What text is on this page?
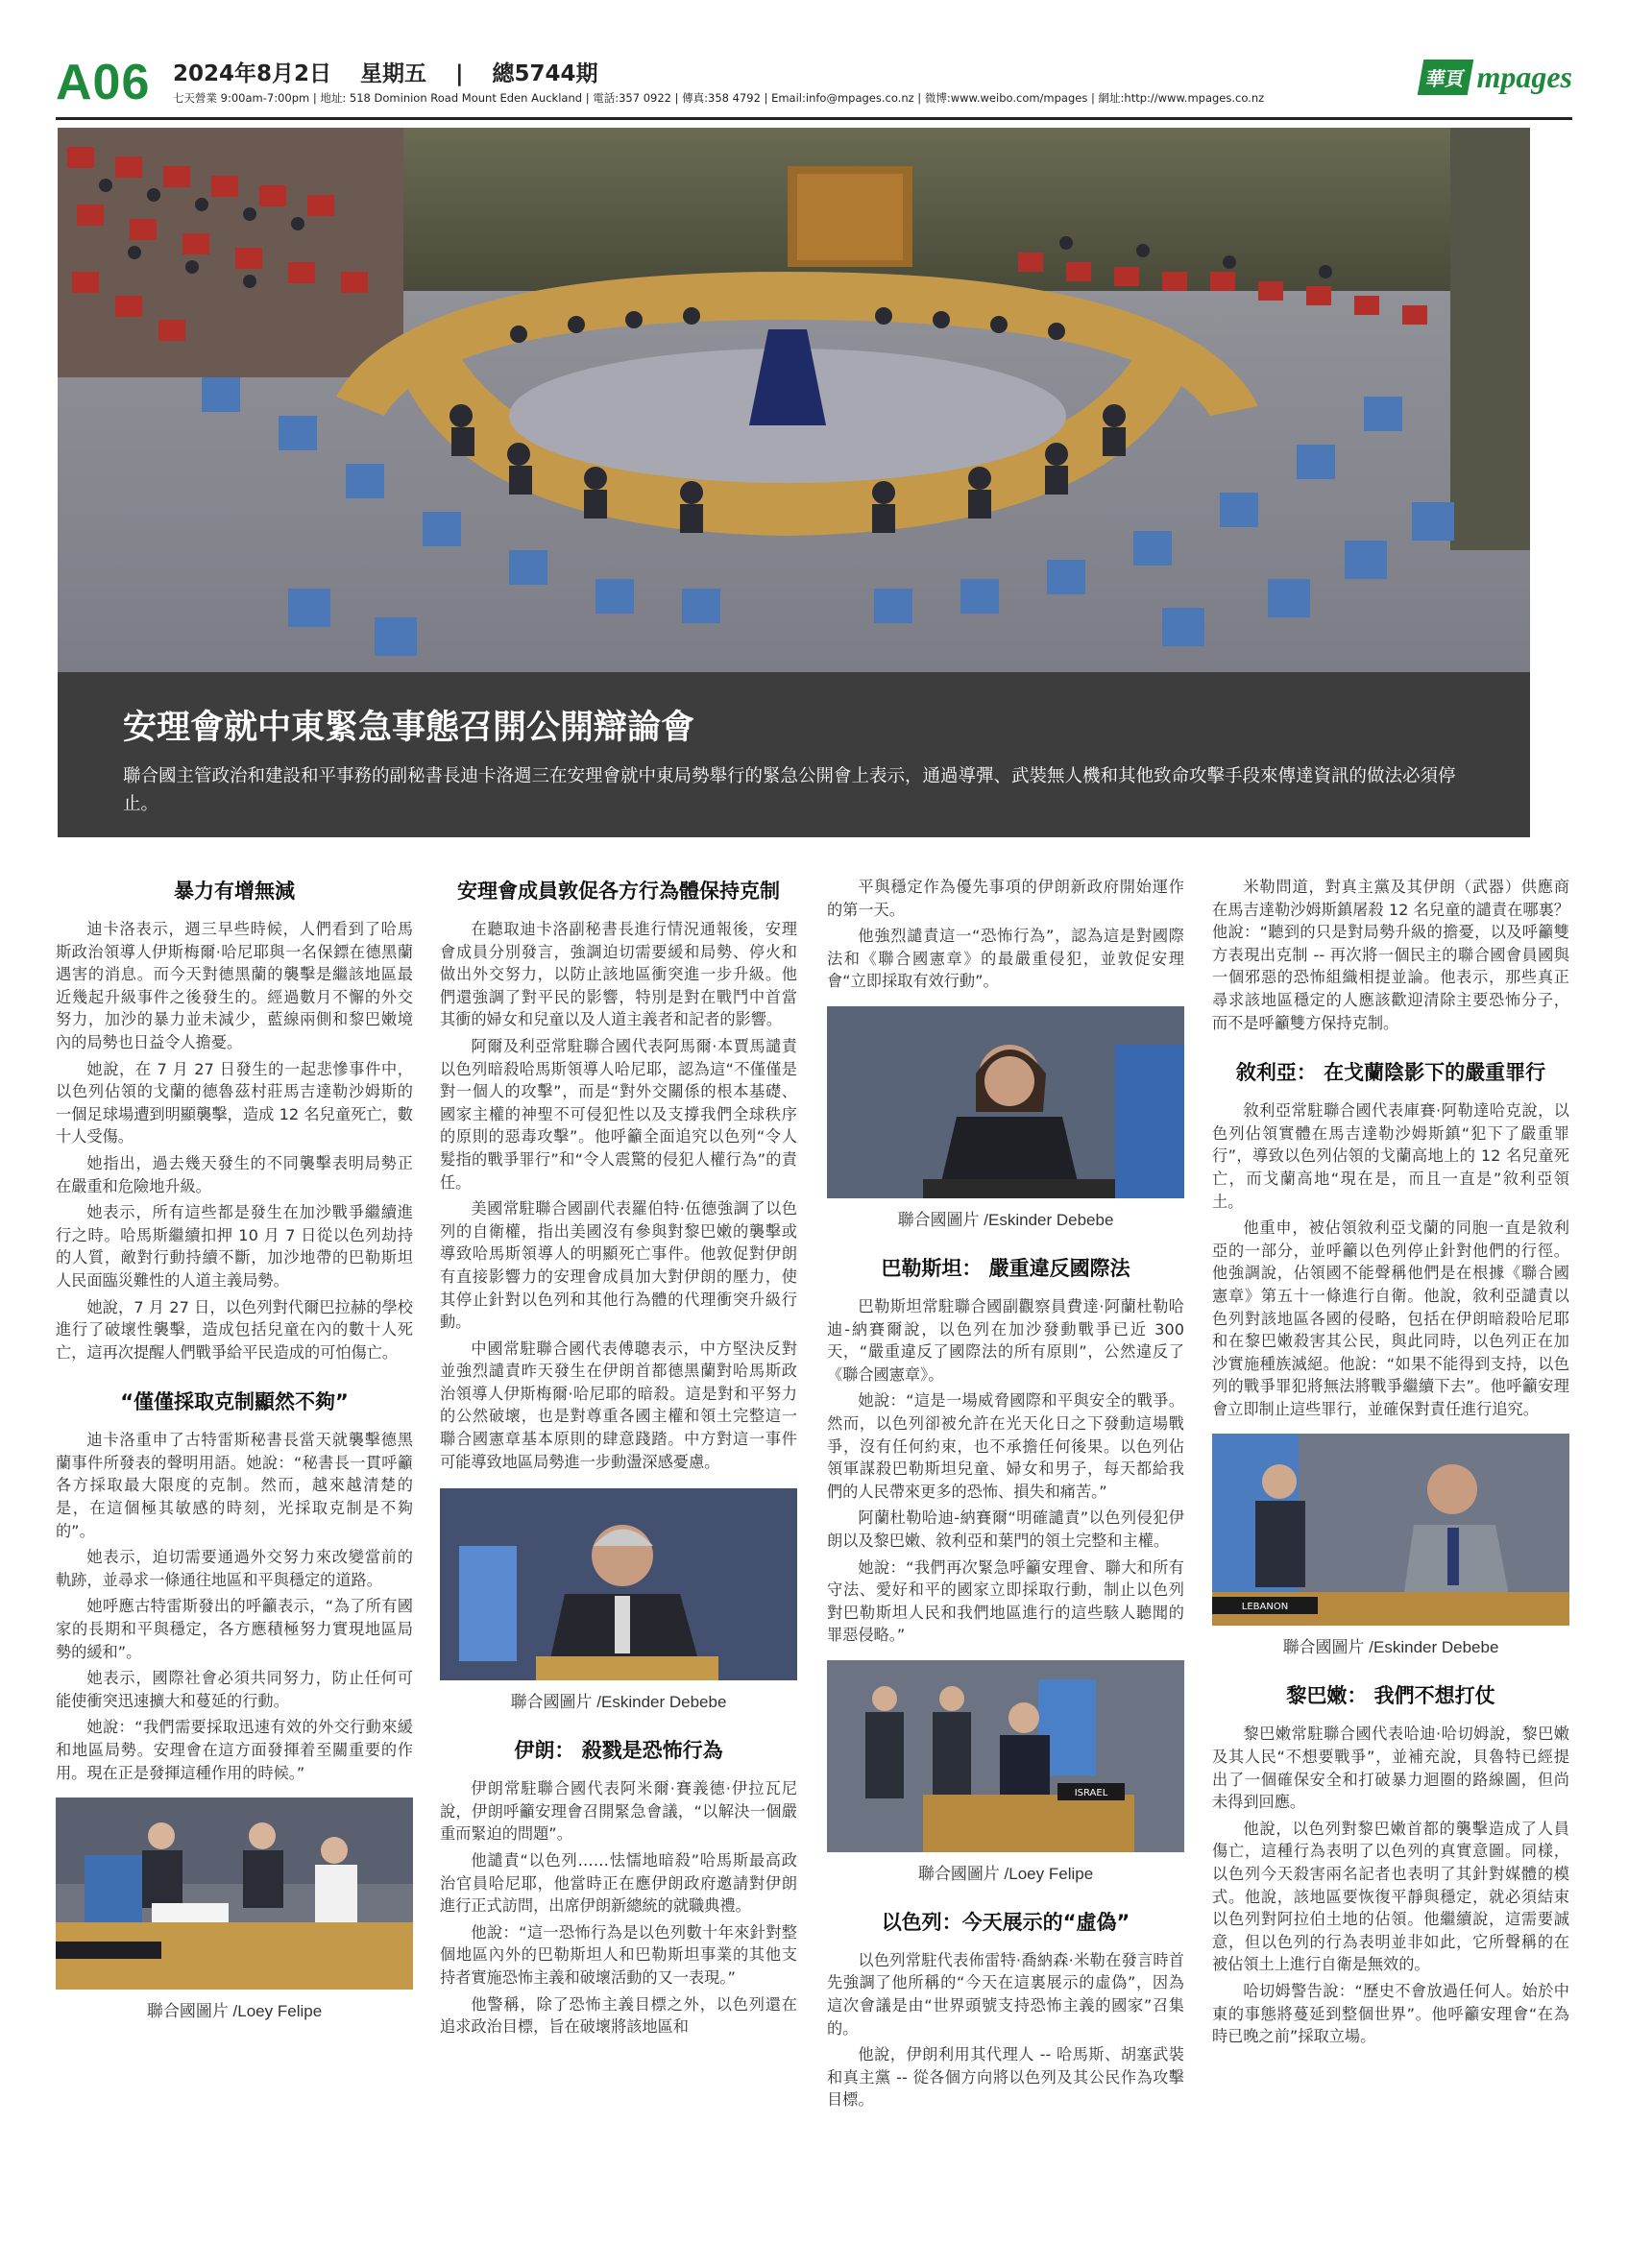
A06 2024年8月2日 星期五 | 總5744期
七天營業 9:00am-7:00pm | 地址: 518 Dominion Road Mount Eden Auckland | 電話:357 0922 | 傳真:358 4792 | Email:info@mpages.co.nz | 微博:www.weibo.com/mpages | 網址:http://www.mpages.co.nz
華頁 mpages
安理會就中東緊急事態召開公開辯論會
聯合國主管政治和建設和平事務的副秘書長迪卡洛週三在安理會就中東局勢舉行的緊急公開會上表示，通過導彈、武裝無人機和其他致命攻擊手段來傳達資訊的做法必須停止。
暴力有增無減

迪卡洛表示，週三早些時候，人們看到了哈馬斯政治領導人伊斯梅爾·哈尼耶與一名保鏢在德黑蘭遇害的消息。而今天對德黑蘭的襲擊是繼該地區最近幾起升級事件之後發生的。經過數月不懈的外交努力，加沙的暴力並未減少，藍線兩側和黎巴嫩境內的局勢也日益令人擔憂。

她說，在 7 月 27 日發生的一起悲慘事件中，以色列佔領的戈蘭的德魯茲村莊馬吉達勒沙姆斯的一個足球場遭到明顯襲擊，造成 12 名兒童死亡，數十人受傷。

她指出，過去幾天發生的不同襲擊表明局勢正在嚴重和危險地升級。

她表示，所有這些都是發生在加沙戰爭繼續進行之時。哈馬斯繼續扣押 10 月 7 日從以色列劫持的人質，敵對行動持續不斷，加沙地帶的巴勒斯坦人民面臨災難性的人道主義局勢。

她說，7 月 27 日，以色列對代爾巴拉赫的學校進行了破壞性襲擊，造成包括兒童在內的數十人死亡，這再次提醒人們戰爭給平民造成的可怕傷亡。

“僅僅採取克制顯然不夠”

迪卡洛重申了古特雷斯秘書長當天就襲擊德黑蘭事件所發表的聲明用語。她說：“秘書長一貫呼籲各方採取最大限度的克制。然而，越來越清楚的是，在這個極其敏感的時刻，光採取克制是不夠的”。

她表示，迫切需要通過外交努力來改變當前的軌跡，並尋求一條通往地區和平與穩定的道路。

她呼應古特雷斯發出的呼籲表示，“為了所有國家的長期和平與穩定，各方應積極努力實現地區局勢的緩和”。

她表示，國際社會必須共同努力，防止任何可能使衝突迅速擴大和蔓延的行動。

她說：“我們需要採取迅速有效的外交行動來緩和地區局勢。安理會在這方面發揮着至關重要的作用。現在正是發揮這種作用的時候。”

聯合國圖片 /Loey Felipe
安理會成員敦促各方行為體保持克制

在聽取迪卡洛副秘書長進行情況通報後，安理會成員分別發言，強調迫切需要緩和局勢、停火和做出外交努力，以防止該地區衝突進一步升級。他們還強調了對平民的影響，特別是對在戰鬥中首當其衝的婦女和兒童以及人道主義者和記者的影響。

阿爾及利亞常駐聯合國代表阿馬爾·本賈馬譴責以色列暗殺哈馬斯領導人哈尼耶，認為這“不僅僅是對一個人的攻擊”，而是“對外交關係的根本基礎、國家主權的神聖不可侵犯性以及支撐我們全球秩序的原則的惡毒攻擊”。他呼籲全面追究以色列“令人髮指的戰爭罪行”和“令人震驚的侵犯人權行為”的責任。

美國常駐聯合國副代表羅伯特·伍德強調了以色列的自衛權，指出美國沒有參與對黎巴嫩的襲擊或導致哈馬斯領導人的明顯死亡事件。他敦促對伊朗有直接影響力的安理會成員加大對伊朗的壓力，使其停止針對以色列和其他行為體的代理衝突升級行動。

中國常駐聯合國代表傅聰表示，中方堅決反對並強烈譴責昨天發生在伊朗首都德黑蘭對哈馬斯政治領導人伊斯梅爾·哈尼耶的暗殺。這是對和平努力的公然破壞，也是對尊重各國主權和領土完整這一聯合國憲章基本原則的肆意踐踏。中方對這一事件可能導致地區局勢進一步動盪深感憂慮。

聯合國圖片 /Eskinder Debebe
伊朗： 殺戮是恐怖行為

伊朗常駐聯合國代表阿米爾·賽義德·伊拉瓦尼說，伊朗呼籲安理會召開緊急會議，“以解決一個嚴重而緊迫的問題”。

他譴責“以色列……怯懦地暗殺”哈馬斯最高政治官員哈尼耶，他當時正在應伊朗政府邀請對伊朗進行正式訪問，出席伊朗新總統的就職典禮。

他說：“這一恐怖行為是以色列數十年來針對整個地區內外的巴勒斯坦人和巴勒斯坦事業的其他支持者實施恐怖主義和破壞活動的又一表現。”

他警稱，除了恐怖主義目標之外，以色列還在追求政治目標，旨在破壞將該地區和

平與穩定作為優先事項的伊朗新政府開始運作的第一天。

他強烈譴責這一“恐怖行為”，認為這是對國際法和《聯合國憲章》的最嚴重侵犯，並敦促安理會“立即採取有效行動”。

聯合國圖片 /Eskinder Debebe
巴勒斯坦： 嚴重違反國際法

巴勒斯坦常駐聯合國副觀察員費達·阿蘭杜勒哈迪-納賽爾說，以色列在加沙發動戰爭已近 300 天，“嚴重違反了國際法的所有原則”，公然違反了《聯合國憲章》。

她說：“這是一場威脅國際和平與安全的戰爭。然而，以色列卻被允許在光天化日之下發動這場戰爭，沒有任何約束，也不承擔任何後果。以色列佔領軍謀殺巴勒斯坦兒童、婦女和男子，每天都給我們的人民帶來更多的恐怖、損失和痛苦。”

阿蘭杜勒哈迪-納賽爾“明確譴責”以色列侵犯伊朗以及黎巴嫩、敘利亞和葉門的領土完整和主權。

她說：“我們再次緊急呼籲安理會、聯大和所有守法、愛好和平的國家立即採取行動，制止以色列對巴勒斯坦人民和我們地區進行的這些駭人聽聞的罪惡侵略。”

ISRAEL
聯合國圖片 /Loey Felipe
以色列：今天展示的“虛偽”

以色列常駐代表佈雷特·喬納森·米勒在發言時首先強調了他所稱的“今天在這裏展示的虛偽”，因為這次會議是由“世界頭號支持恐怖主義的國家”召集的。

他說，伊朗利用其代理人 -- 哈馬斯、胡塞武裝和真主黨 -- 從各個方向將以色列及其公民作為攻擊目標。

米勒問道，對真主黨及其伊朗（武器）供應商在馬吉達勒沙姆斯鎮屠殺 12 名兒童的譴責在哪裏？他說：“聽到的只是對局勢升級的擔憂，以及呼籲雙方表現出克制 -- 再次將一個民主的聯合國會員國與一個邪惡的恐怖組織相提並論。他表示，那些真正尋求該地區穩定的人應該歡迎清除主要恐怖分子，而不是呼籲雙方保持克制。

敘利亞： 在戈蘭陰影下的嚴重罪行

敘利亞常駐聯合國代表庫賽·阿勒達哈克說，以色列佔領實體在馬吉達勒沙姆斯鎮“犯下了嚴重罪行”，導致以色列佔領的戈蘭高地上的 12 名兒童死亡，而戈蘭高地“現在是，而且一直是”敘利亞領土。

他重申，被佔領敘利亞戈蘭的同胞一直是敘利亞的一部分，並呼籲以色列停止針對他們的行徑。他強調說，佔領國不能聲稱他們是在根據《聯合國憲章》第五十一條進行自衛。他說，敘利亞譴責以色列對該地區各國的侵略，包括在伊朗暗殺哈尼耶和在黎巴嫩殺害其公民，與此同時，以色列正在加沙實施種族滅絕。他說：“如果不能得到支持，以色列的戰爭罪犯將無法將戰爭繼續下去”。他呼籲安理會立即制止這些罪行，並確保對責任進行追究。

LEBANON
聯合國圖片 /Eskinder Debebe
黎巴嫩： 我們不想打仗

黎巴嫩常駐聯合國代表哈迪·哈切姆說，黎巴嫩及其人民“不想要戰爭”，並補充說，貝魯特已經提出了一個確保安全和打破暴力迴圈的路線圖，但尚未得到回應。

他說，以色列對黎巴嫩首都的襲擊造成了人員傷亡，這種行為表明了以色列的真實意圖。同樣，以色列今天殺害兩名記者也表明了其針對媒體的模式。他說，該地區要恢復平靜與穩定，就必須結束以色列對阿拉伯土地的佔領。他繼續說，這需要誠意，但以色列的行為表明並非如此，它所聲稱的在被佔領土上進行自衛是無效的。

哈切姆警告說：“歷史不會放過任何人。始於中東的事態將蔓延到整個世界”。他呼籲安理會“在為時已晚之前”採取立場。
